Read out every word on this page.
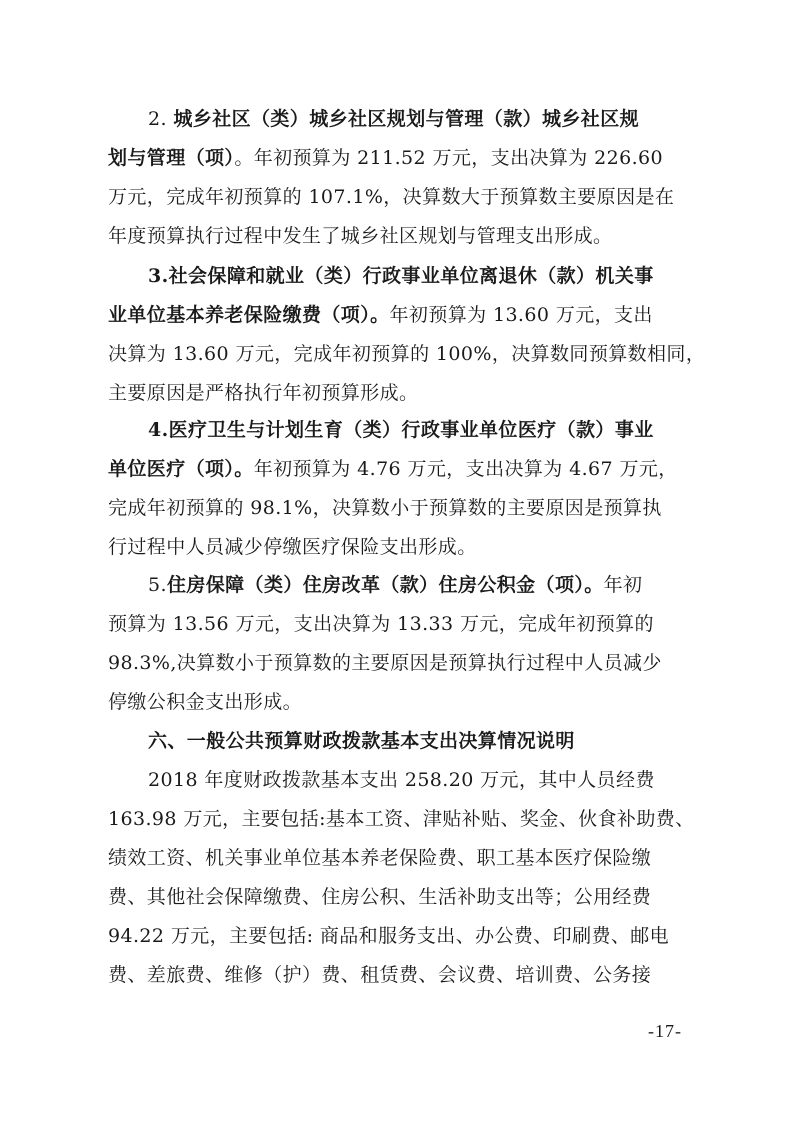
2. 城乡社区（类）城乡社区规划与管理（款）城乡社区规
划与管理（项）。年初预算为 211.52 万元，支出决算为 226.60
万元，完成年初预算的 107.1%，决算数大于预算数主要原因是在
年度预算执行过程中发生了城乡社区规划与管理支出形成。
3.社会保障和就业（类）行政事业单位离退休（款）机关事
业单位基本养老保险缴费（项）。年初预算为 13.60 万元，支出
决算为 13.60 万元，完成年初预算的 100%，决算数同预算数相同，
主要原因是严格执行年初预算形成。
4.医疗卫生与计划生育（类）行政事业单位医疗（款）事业
单位医疗（项）。年初预算为 4.76 万元，支出决算为 4.67 万元，
完成年初预算的 98.1%，决算数小于预算数的主要原因是预算执
行过程中人员减少停缴医疗保险支出形成。
5.住房保障（类）住房改革（款）住房公积金（项）。年初
预算为 13.56 万元，支出决算为 13.33 万元，完成年初预算的
98.3%,决算数小于预算数的主要原因是预算执行过程中人员减少
停缴公积金支出形成。
六、一般公共预算财政拨款基本支出决算情况说明
2018 年度财政拨款基本支出 258.20 万元，其中人员经费
163.98 万元，主要包括:基本工资、津贴补贴、奖金、伙食补助费、
绩效工资、机关事业单位基本养老保险费、职工基本医疗保险缴
费、其他社会保障缴费、住房公积、生活补助支出等；公用经费
94.22 万元，主要包括: 商品和服务支出、办公费、印刷费、邮电
费、差旅费、维修（护）费、租赁费、会议费、培训费、公务接
-17-
